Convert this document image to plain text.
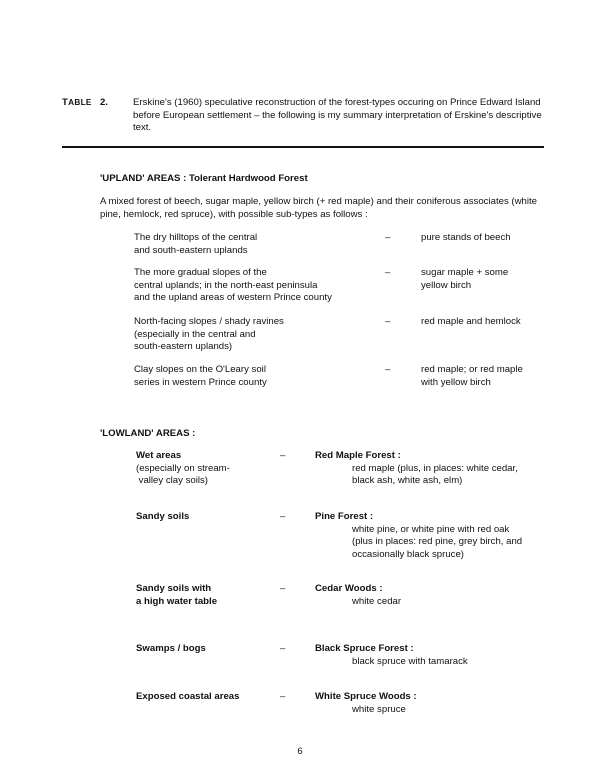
TABLE 2.	Erskine's (1960) speculative reconstruction of the forest-types occuring on Prince Edward Island before European settlement – the following is my summary interpretation of Erskine's descriptive text.
'UPLAND' AREAS : Tolerant Hardwood Forest
A mixed forest of beech, sugar maple, yellow birch (+ red maple) and their coniferous associates (white pine, hemlock, red spruce), with possible sub-types as follows :
The dry hilltops of the central
and south-eastern uplands
–	pure stands of beech
The more gradual slopes of the
central uplands; in the north-east peninsula
and the upland areas of western Prince county
–	sugar maple + some
yellow birch
North-facing slopes / shady ravines
(especially in the central and
south-eastern uplands)
–	red maple and hemlock
Clay slopes on the O'Leary soil
series in western Prince county
–	red maple; or red maple
with yellow birch
'LOWLAND' AREAS :
Wet areas
(especially on stream-
valley clay soils)
–	Red Maple Forest :
red maple (plus, in places: white cedar,
black ash, white ash, elm)
Sandy soils	–	Pine Forest :
white pine, or white pine with red oak
(plus in places: red pine, grey birch, and
occasionally black spruce)
Sandy soils with
a high water table
–	Cedar Woods :
white cedar
Swamps / bogs	–	Black Spruce Forest :
black spruce with tamarack
Exposed coastal areas	–	White Spruce Woods :
white spruce
6
